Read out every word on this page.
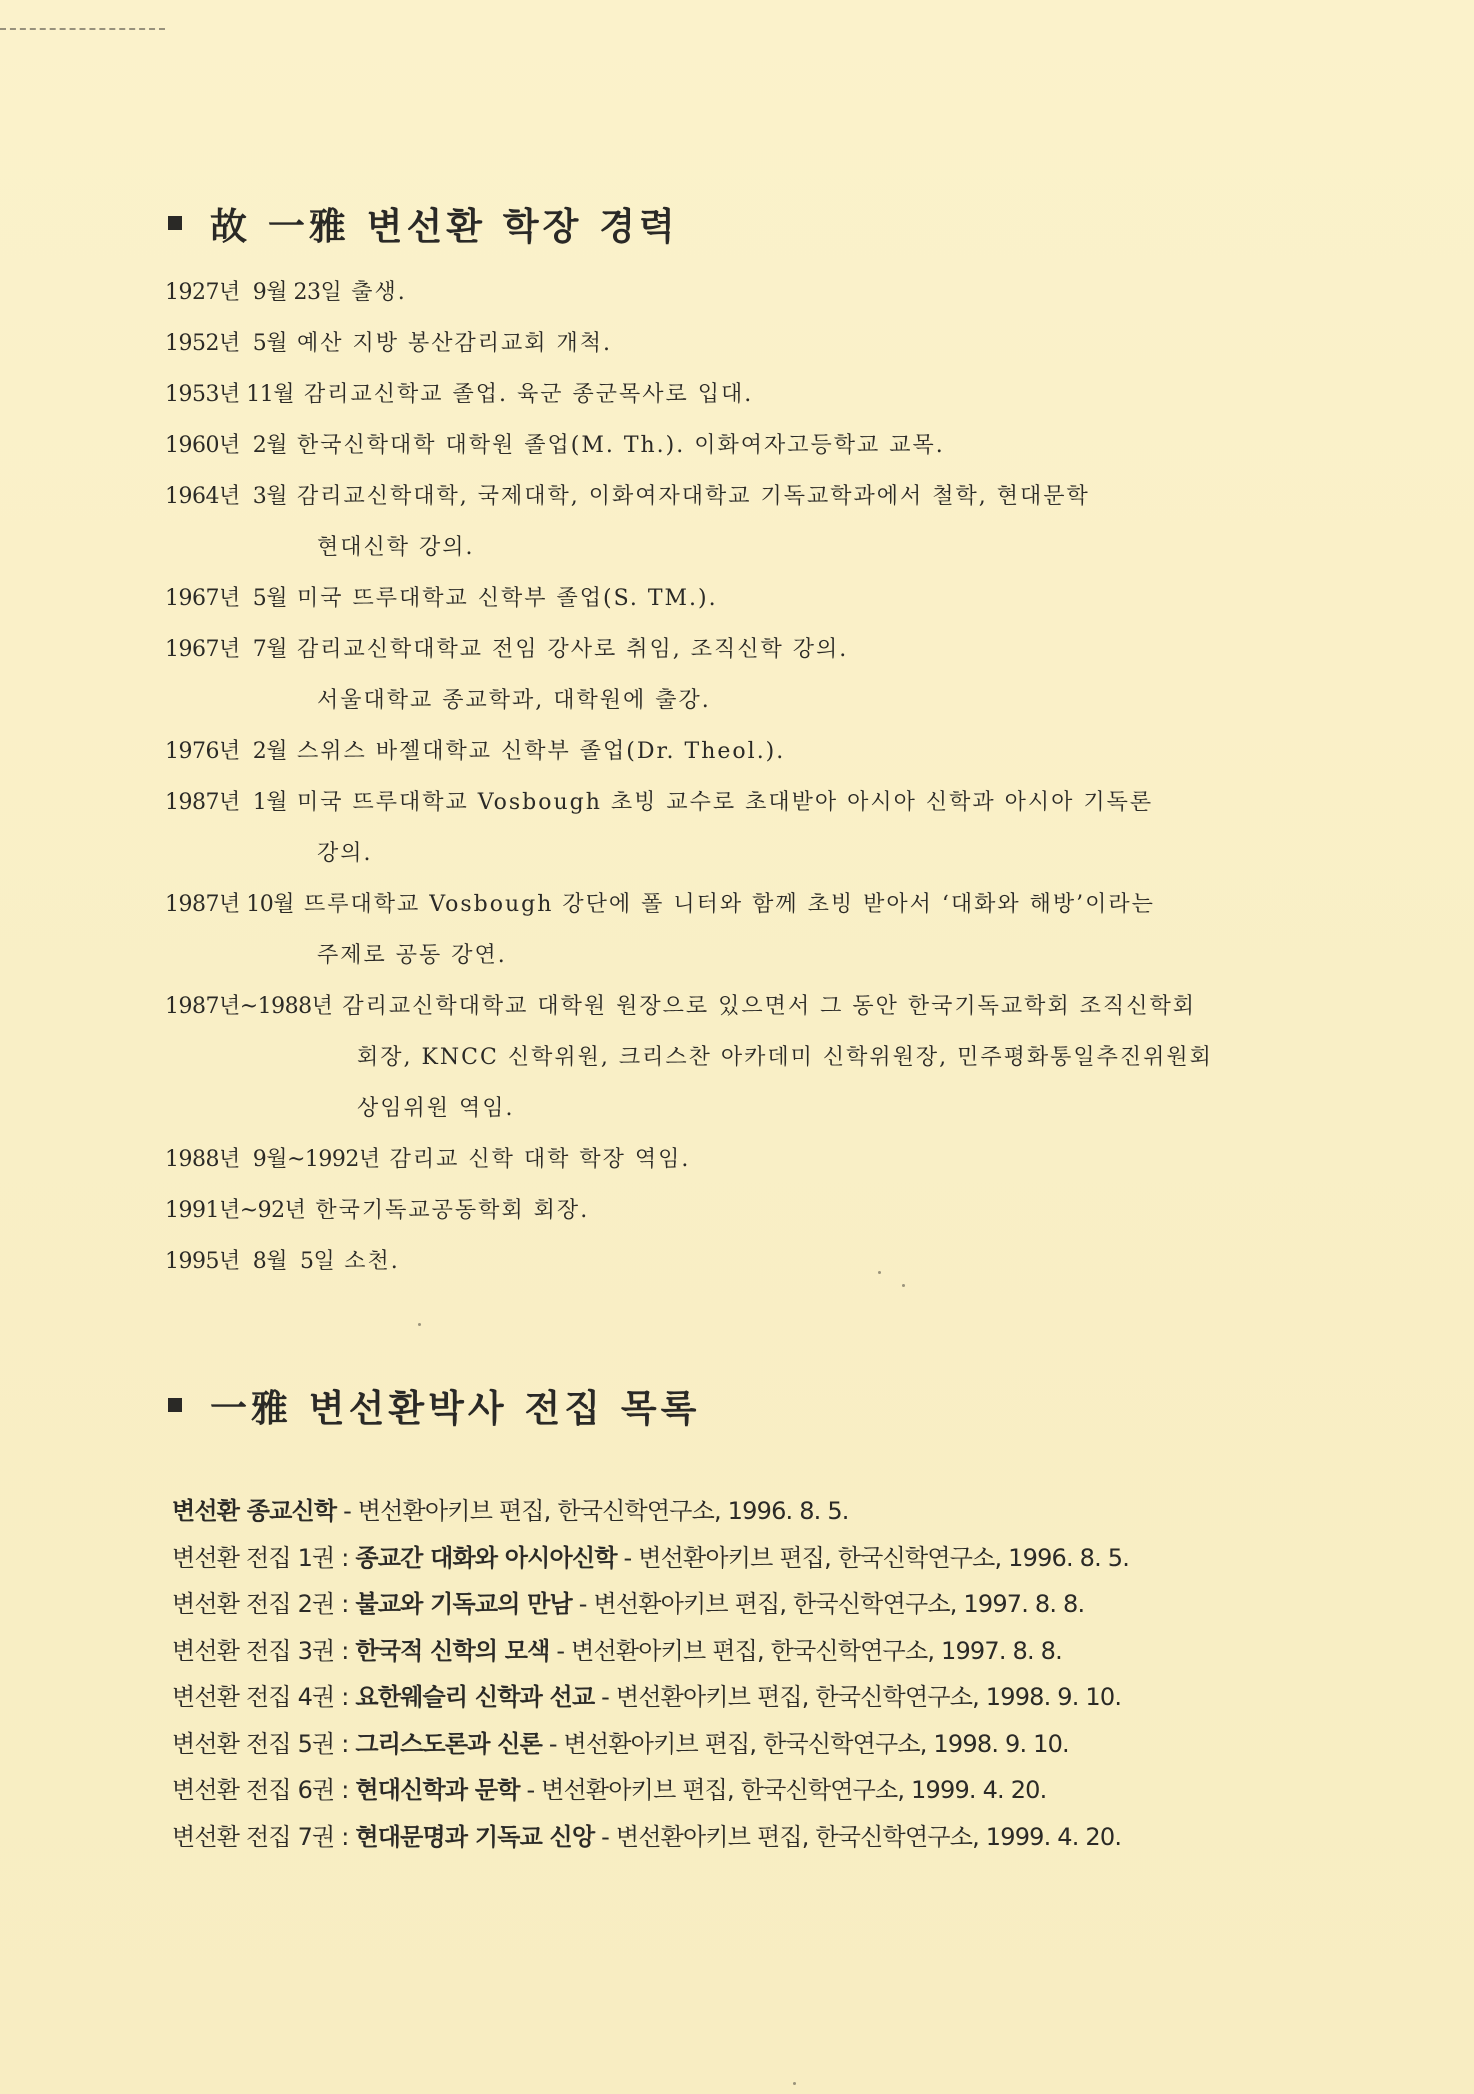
故 一雅 변선환 학장 경력
1927년  9월 23일 출생.
1952년  5월 예산 지방 봉산감리교회 개척.
1953년 11월 감리교신학교 졸업. 육군 종군목사로 입대.
1960년  2월 한국신학대학 대학원 졸업(M. Th.). 이화여자고등학교 교목.
1964년  3월 감리교신학대학, 국제대학, 이화여자대학교 기독교학과에서 철학, 현대문학
현대신학 강의.
1967년  5월 미국 뜨루대학교 신학부 졸업(S. TM.).
1967년  7월 감리교신학대학교 전임 강사로 취임, 조직신학 강의.
서울대학교 종교학과, 대학원에 출강.
1976년  2월 스위스 바젤대학교 신학부 졸업(Dr. Theol.).
1987년  1월 미국 뜨루대학교 Vosbough 초빙 교수로 초대받아 아시아 신학과 아시아 기독론
강의.
1987년 10월 뜨루대학교 Vosbough 강단에 폴 니터와 함께 초빙 받아서 ‘대화와 해방’이라는
주제로 공동 강연.
1987년~1988년 감리교신학대학교 대학원 원장으로 있으면서 그 동안 한국기독교학회 조직신학회
회장, KNCC 신학위원, 크리스찬 아카데미 신학위원장, 민주평화통일추진위원회
상임위원 역임.
1988년  9월~1992년 감리교 신학 대학 학장 역임.
1991년~92년 한국기독교공동학회 회장.
1995년  8월  5일 소천.
一雅 변선환박사 전집 목록
변선환 종교신학 - 변선환아키브 편집, 한국신학연구소, 1996. 8. 5.
변선환 전집 1권 : 종교간 대화와 아시아신학 - 변선환아키브 편집, 한국신학연구소, 1996. 8. 5.
변선환 전집 2권 : 불교와 기독교의 만남 - 변선환아키브 편집, 한국신학연구소, 1997. 8. 8.
변선환 전집 3권 : 한국적 신학의 모색 - 변선환아키브 편집, 한국신학연구소, 1997. 8. 8.
변선환 전집 4권 : 요한웨슬리 신학과 선교 - 변선환아키브 편집, 한국신학연구소, 1998. 9. 10.
변선환 전집 5권 : 그리스도론과 신론 - 변선환아키브 편집, 한국신학연구소, 1998. 9. 10.
변선환 전집 6권 : 현대신학과 문학 - 변선환아키브 편집, 한국신학연구소, 1999. 4. 20.
변선환 전집 7권 : 현대문명과 기독교 신앙 - 변선환아키브 편집, 한국신학연구소, 1999. 4. 20.
